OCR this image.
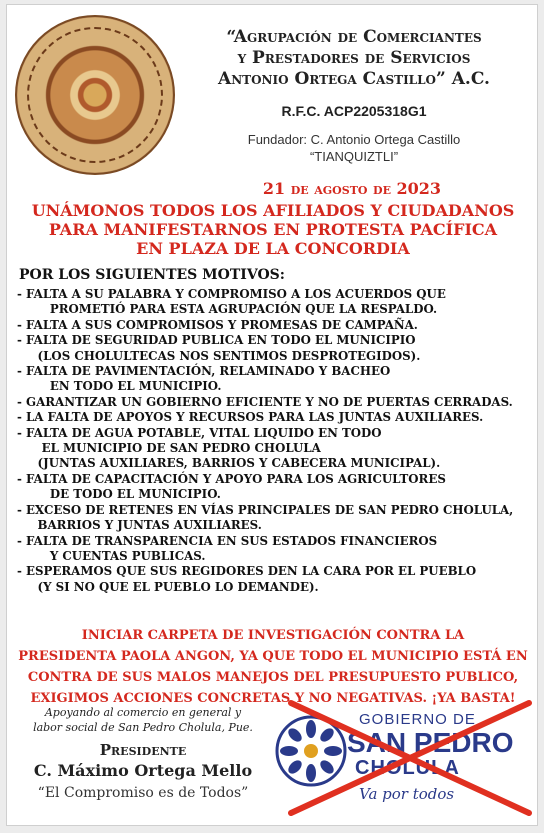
“Agrupación de Comerciantes
y Prestadores de Servicios
Antonio Ortega Castillo” A.C.
R.F.C. ACP2205318G1
Fundador: C. Antonio Ortega Castillo
“TIANQUIZTLI”
21 de agosto de 2023
UNÁMONOS TODOS LOS AFILIADOS Y CIUDADANOS
PARA MANIFESTARNOS EN PROTESTA PACÍFICA
EN PLAZA DE LA CONCORDIA
POR LOS SIGUIENTES MOTIVOS:
- FALTA A SU PALABRA Y COMPROMISO A LOS ACUERDOS QUE
PROMETIÓ PARA ESTA AGRUPACIÓN QUE LA RESPALDO.
- FALTA A SUS COMPROMISOS Y PROMESAS DE CAMPAÑA.
- FALTA DE SEGURIDAD PUBLICA EN TODO EL MUNICIPIO
(LOS CHOLULTECAS NOS SENTIMOS DESPROTEGIDOS).
- FALTA DE PAVIMENTACIÓN, RELAMINADO Y BACHEO
EN TODO EL MUNICIPIO.
- GARANTIZAR UN GOBIERNO EFICIENTE Y NO DE PUERTAS CERRADAS.
- LA FALTA DE APOYOS Y RECURSOS PARA LAS JUNTAS AUXILIARES.
- FALTA DE AGUA POTABLE, VITAL LIQUIDO EN TODO
EL MUNICIPIO DE SAN PEDRO CHOLULA
(JUNTAS AUXILIARES, BARRIOS Y CABECERA MUNICIPAL).
- FALTA DE CAPACITACIÓN Y APOYO PARA LOS AGRICULTORES
DE TODO EL MUNICIPIO.
- EXCESO DE RETENES EN VÍAS PRINCIPALES DE SAN PEDRO CHOLULA,
BARRIOS Y JUNTAS AUXILIARES.
- FALTA DE TRANSPARENCIA EN SUS ESTADOS FINANCIEROS
Y CUENTAS PUBLICAS.
- ESPERAMOS QUE SUS REGIDORES DEN LA CARA POR EL PUEBLO
(Y SI NO QUE EL PUEBLO LO DEMANDE).
INICIAR CARPETA DE INVESTIGACIÓN CONTRA LA
PRESIDENTA PAOLA ANGON, YA QUE TODO EL MUNICIPIO ESTÁ EN
CONTRA DE SUS MALOS MANEJOS DEL PRESUPUESTO PUBLICO,
EXIGIMOS ACCIONES CONCRETAS Y NO NEGATIVAS. ¡YA BASTA!
Apoyando al comercio en general y
labor social de San Pedro Cholula, Pue.
Presidente
C. Máximo Ortega Mello
“El Compromiso es de Todos”
GOBIERNO DE
SAN PEDRO
CHOLULA
Va por todos
